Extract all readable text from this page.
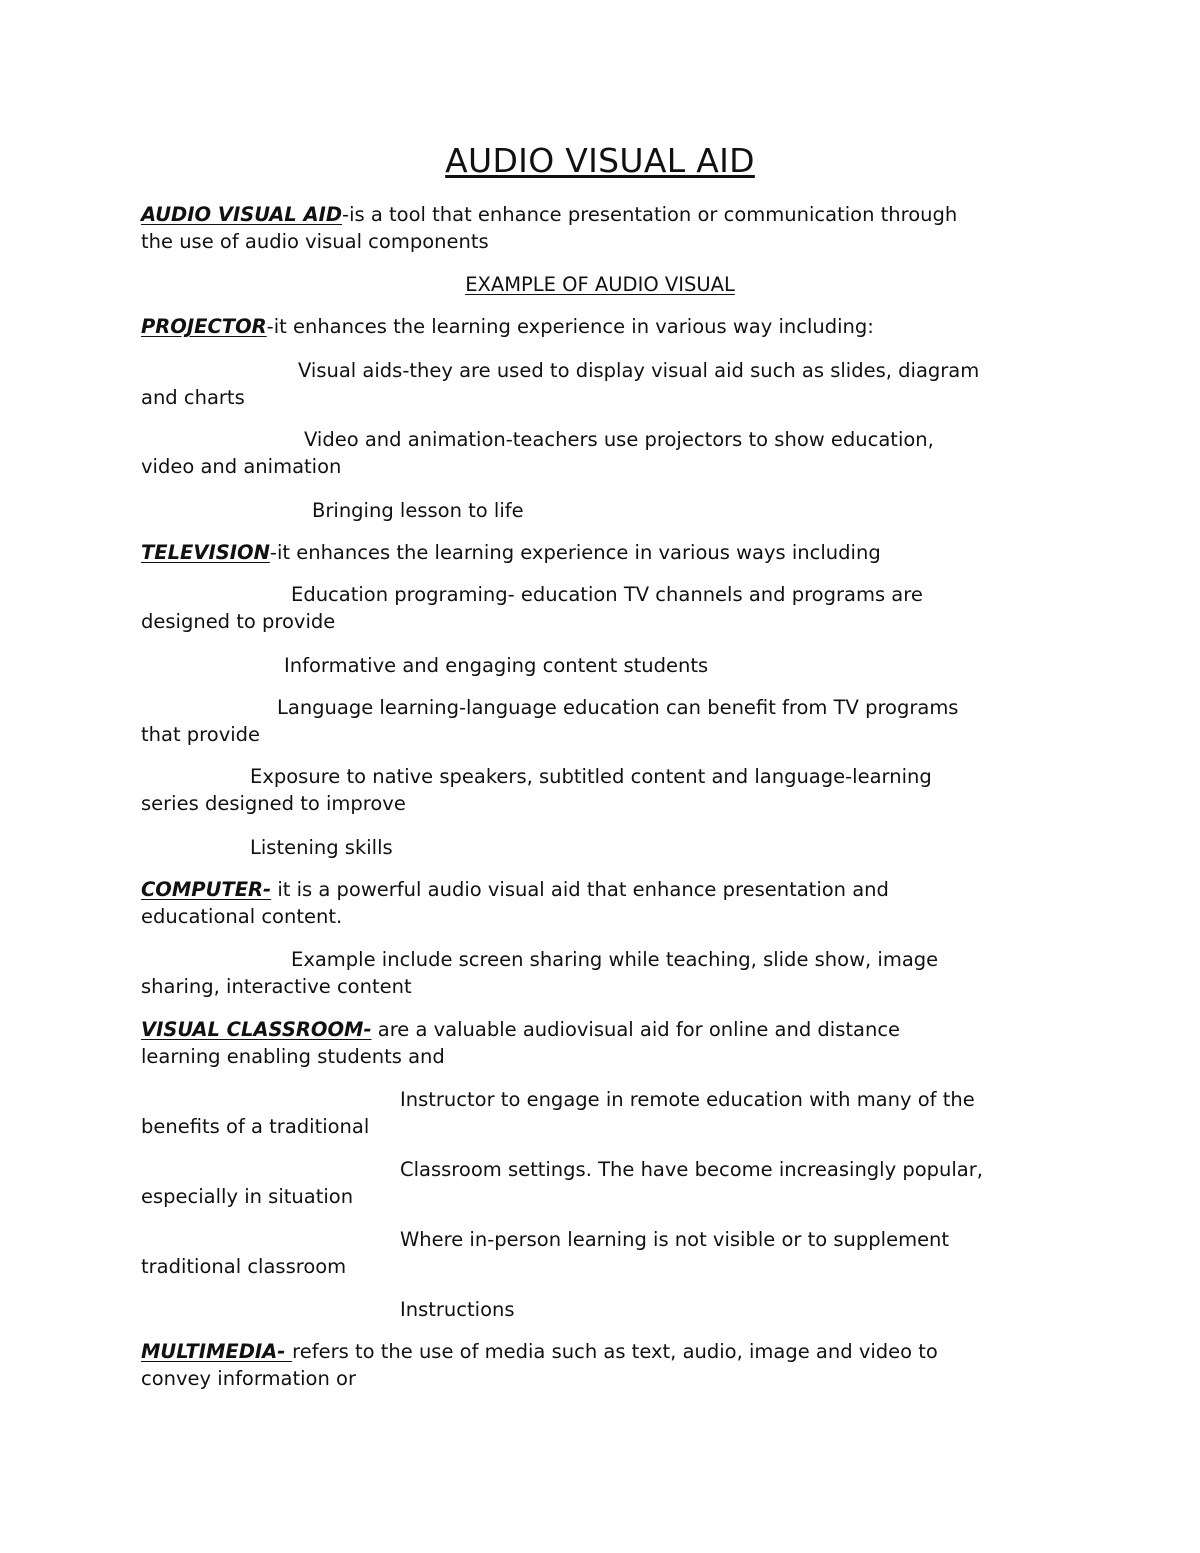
AUDIO VISUAL AID
AUDIO VISUAL AID-is a tool that enhance presentation or communication through
the use of audio visual components
EXAMPLE OF AUDIO VISUAL
PROJECTOR-it enhances the learning experience in various way including:
Visual aids-they are used to display visual aid such as slides, diagram
and charts
Video and animation-teachers use projectors to show education,
video and animation
Bringing lesson to life
TELEVISION-it enhances the learning experience in various ways including
Education programing- education TV channels and programs are
designed to provide
Informative and engaging content students
Language learning-language education can benefit from TV programs
that provide
Exposure to native speakers, subtitled content and language-learning
series designed to improve
Listening skills
COMPUTER- it is a powerful audio visual aid that enhance presentation and
educational content.
Example include screen sharing while teaching, slide show, image
sharing, interactive content
VISUAL CLASSROOM- are a valuable audiovisual aid for online and distance
learning enabling students and
Instructor to engage in remote education with many of the
benefits of a traditional
Classroom settings. The have become increasingly popular,
especially in situation
Where in-person learning is not visible or to supplement
traditional classroom
Instructions
MULTIMEDIA- refers to the use of media such as text, audio, image and video to
convey information or
